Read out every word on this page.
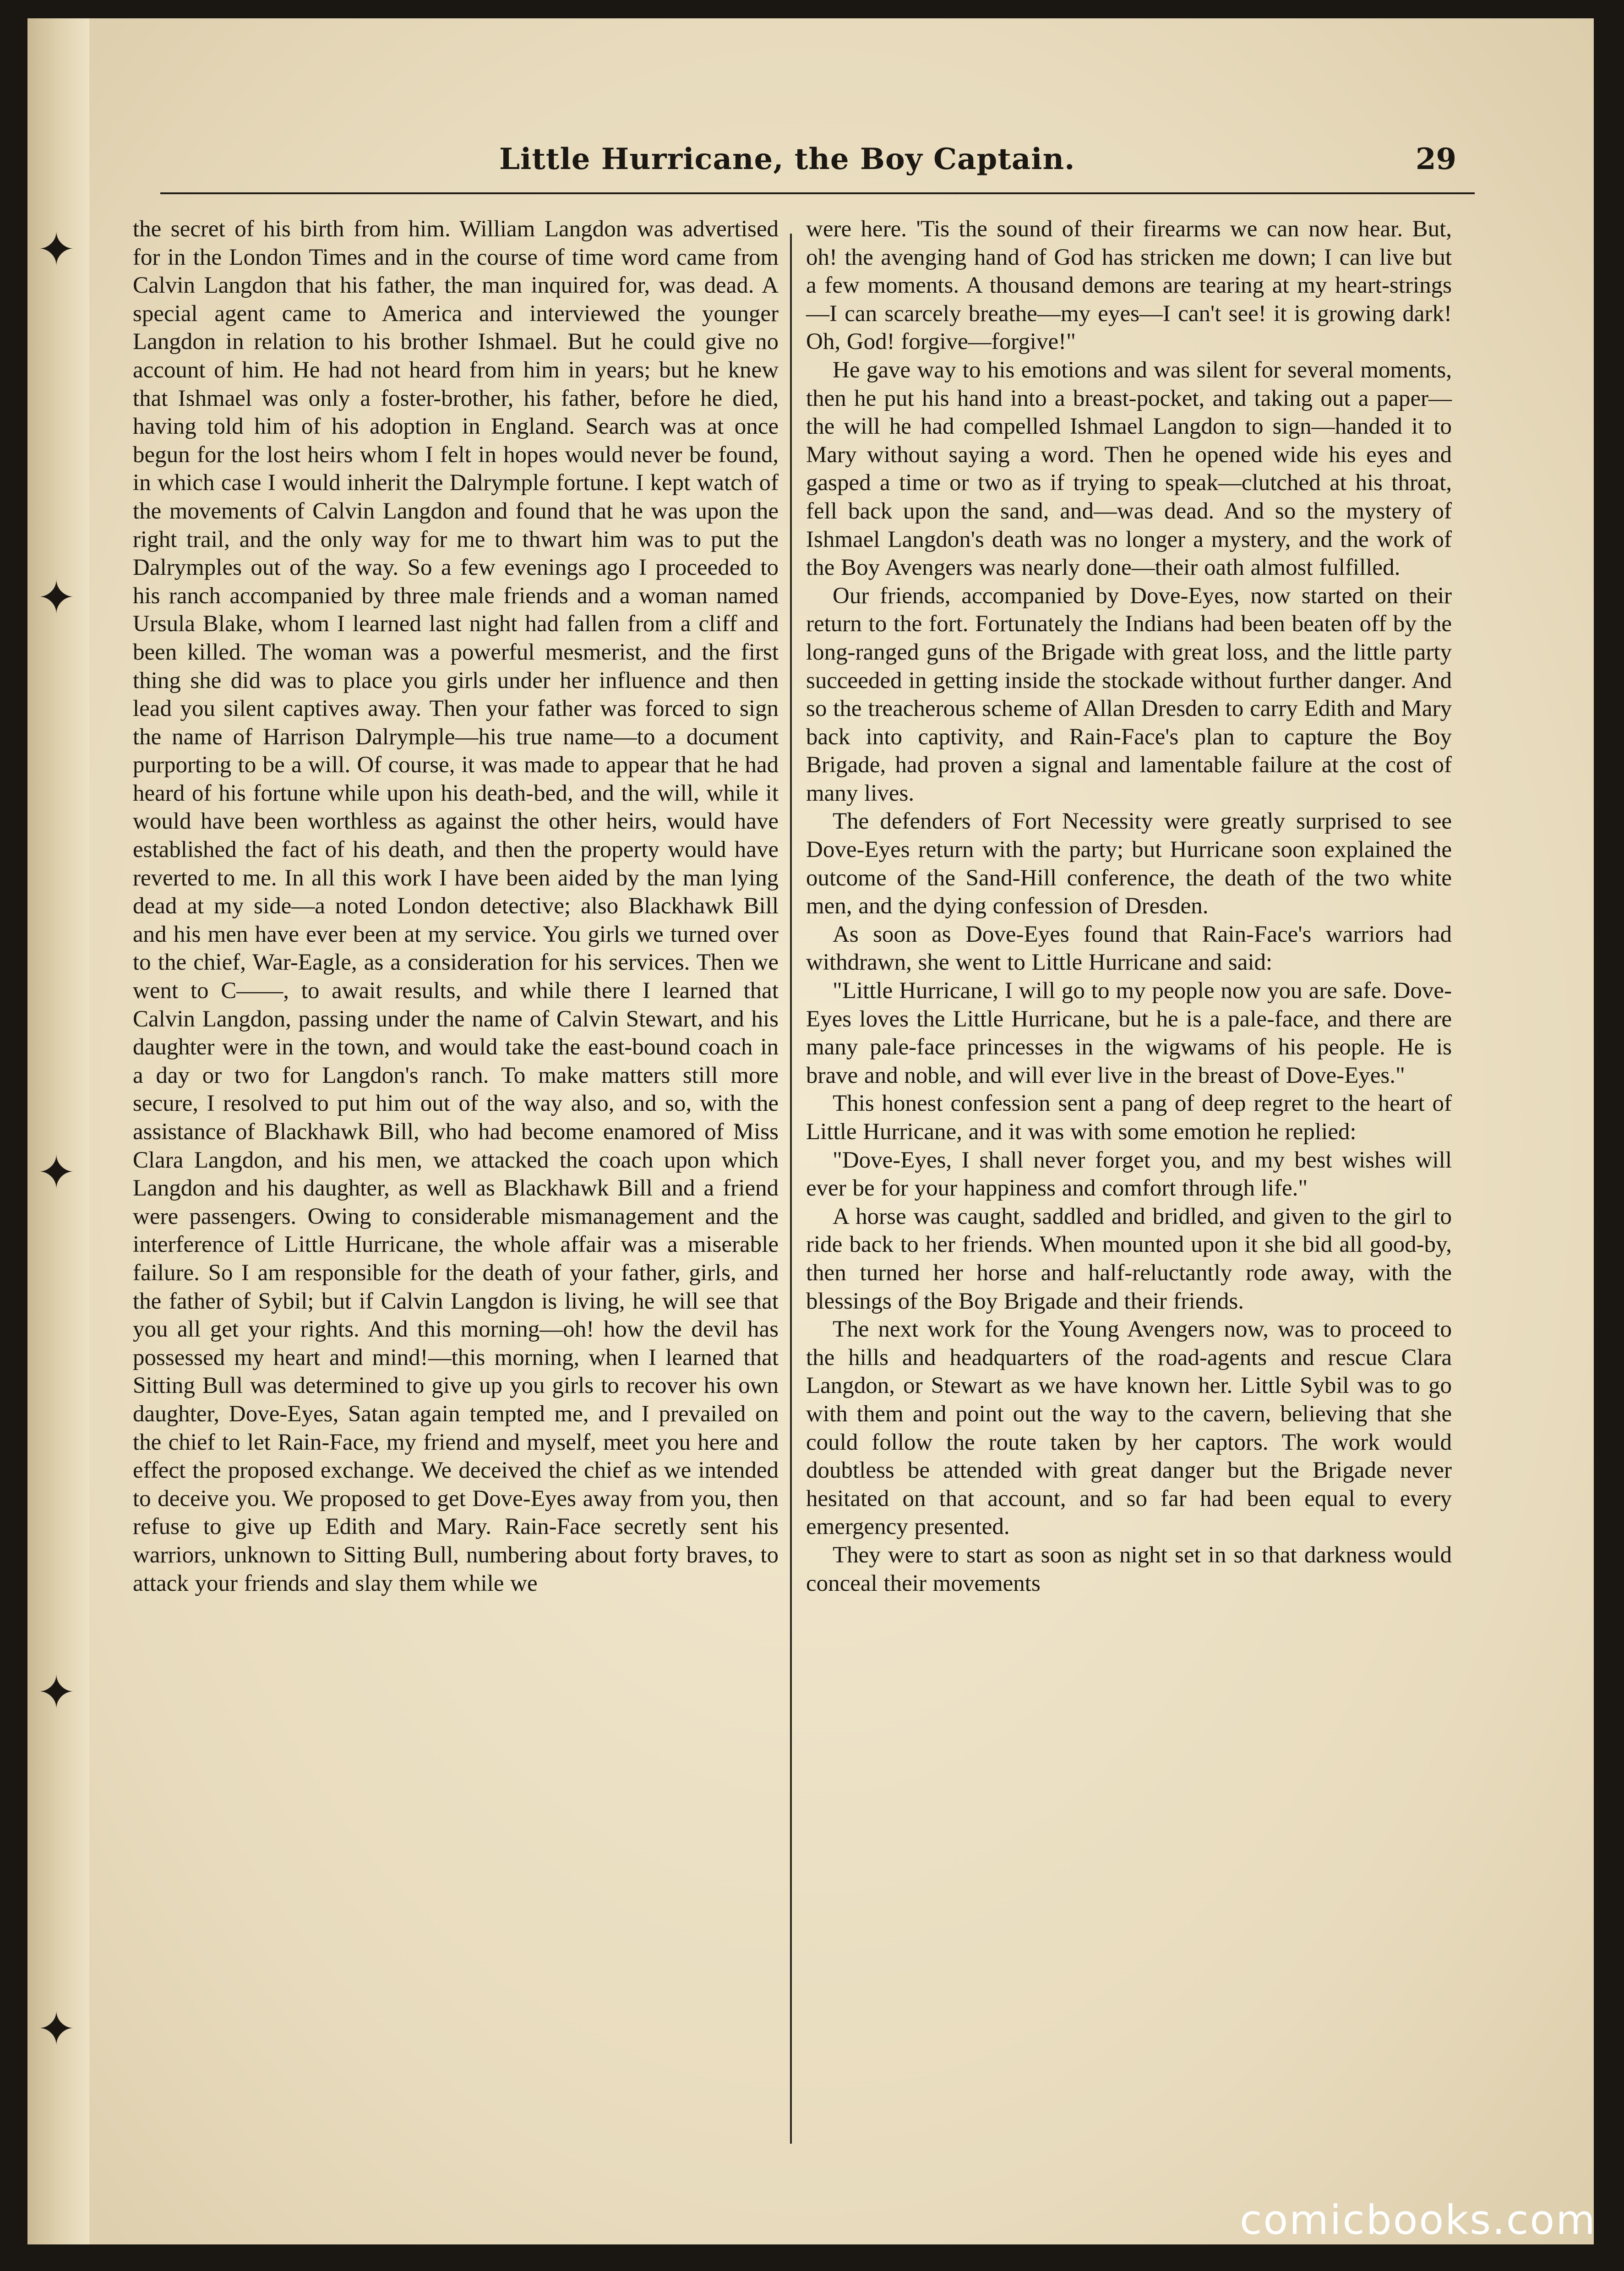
✦
✦
✦
✦
✦
Little Hurricane, the Boy Captain.	29

the secret of his birth from him. William Langdon was advertised for in the London Times and in the course of time word came from Calvin Langdon that his father, the man inquired for, was dead. A special agent came to America and interviewed the younger Langdon in relation to his brother Ishmael. But he could give no account of him. He had not heard from him in years; but he knew that Ishmael was only a foster-brother, his father, before he died, having told him of his adoption in England. Search was at once begun for the lost heirs whom I felt in hopes would never be found, in which case I would inherit the Dalrymple fortune. I kept watch of the movements of Calvin Langdon and found that he was upon the right trail, and the only way for me to thwart him was to put the Dalrymples out of the way. So a few evenings ago I proceeded to his ranch accompanied by three male friends and a woman named Ursula Blake, whom I learned last night had fallen from a cliff and been killed. The woman was a powerful mesmerist, and the first thing she did was to place you girls under her influence and then lead you silent captives away. Then your father was forced to sign the name of Harrison Dalrymple—his true name—to a document purporting to be a will. Of course, it was made to appear that he had heard of his fortune while upon his death-bed, and the will, while it would have been worthless as against the other heirs, would have established the fact of his death, and then the property would have reverted to me. In all this work I have been aided by the man lying dead at my side—a noted London detective; also Blackhawk Bill and his men have ever been at my service. You girls we turned over to the chief, War-Eagle, as a consideration for his services. Then we went to C——, to await results, and while there I learned that Calvin Langdon, passing under the name of Calvin Stewart, and his daughter were in the town, and would take the east-bound coach in a day or two for Langdon's ranch. To make matters still more secure, I resolved to put him out of the way also, and so, with the assistance of Blackhawk Bill, who had become enamored of Miss Clara Langdon, and his men, we attacked the coach upon which Langdon and his daughter, as well as Blackhawk Bill and a friend were passengers. Owing to considerable mismanagement and the interference of Little Hurricane, the whole affair was a miserable failure. So I am responsible for the death of your father, girls, and the father of Sybil; but if Calvin Langdon is living, he will see that you all get your rights. And this morning—oh! how the devil has possessed my heart and mind!—this morning, when I learned that Sitting Bull was determined to give up you girls to recover his own daughter, Dove-Eyes, Satan again tempted me, and I prevailed on the chief to let Rain-Face, my friend and myself, meet you here and effect the proposed exchange. We deceived the chief as we intended to deceive you. We proposed to get Dove-Eyes away from you, then refuse to give up Edith and Mary. Rain-Face secretly sent his warriors, unknown to Sitting Bull, numbering about forty braves, to attack your friends and slay them while we

were here. 'Tis the sound of their firearms we can now hear. But, oh! the avenging hand of God has stricken me down; I can live but a few moments. A thousand demons are tearing at my heart-strings—I can scarcely breathe—my eyes—I can't see! it is growing dark! Oh, God! forgive—forgive!"

He gave way to his emotions and was silent for several moments, then he put his hand into a breast-pocket, and taking out a paper—the will he had compelled Ishmael Langdon to sign—handed it to Mary without saying a word. Then he opened wide his eyes and gasped a time or two as if trying to speak—clutched at his throat, fell back upon the sand, and—was dead. And so the mystery of Ishmael Langdon's death was no longer a mystery, and the work of the Boy Avengers was nearly done—their oath almost fulfilled.

Our friends, accompanied by Dove-Eyes, now started on their return to the fort. Fortunately the Indians had been beaten off by the long-ranged guns of the Brigade with great loss, and the little party succeeded in getting inside the stockade without further danger. And so the treacherous scheme of Allan Dresden to carry Edith and Mary back into captivity, and Rain-Face's plan to capture the Boy Brigade, had proven a signal and lamentable failure at the cost of many lives.

The defenders of Fort Necessity were greatly surprised to see Dove-Eyes return with the party; but Hurricane soon explained the outcome of the Sand-Hill conference, the death of the two white men, and the dying confession of Dresden.

As soon as Dove-Eyes found that Rain-Face's warriors had withdrawn, she went to Little Hurricane and said:

"Little Hurricane, I will go to my people now you are safe. Dove-Eyes loves the Little Hurricane, but he is a pale-face, and there are many pale-face princesses in the wigwams of his people. He is brave and noble, and will ever live in the breast of Dove-Eyes."

This honest confession sent a pang of deep regret to the heart of Little Hurricane, and it was with some emotion he replied:

"Dove-Eyes, I shall never forget you, and my best wishes will ever be for your happiness and comfort through life."

A horse was caught, saddled and bridled, and given to the girl to ride back to her friends. When mounted upon it she bid all good-by, then turned her horse and half-reluctantly rode away, with the blessings of the Boy Brigade and their friends.

The next work for the Young Avengers now, was to proceed to the hills and headquarters of the road-agents and rescue Clara Langdon, or Stewart as we have known her. Little Sybil was to go with them and point out the way to the cavern, believing that she could follow the route taken by her captors. The work would doubtless be attended with great danger but the Brigade never hesitated on that account, and so far had been equal to every emergency presented.

They were to start as soon as night set in so that darkness would conceal their movements

comicbooks.com
